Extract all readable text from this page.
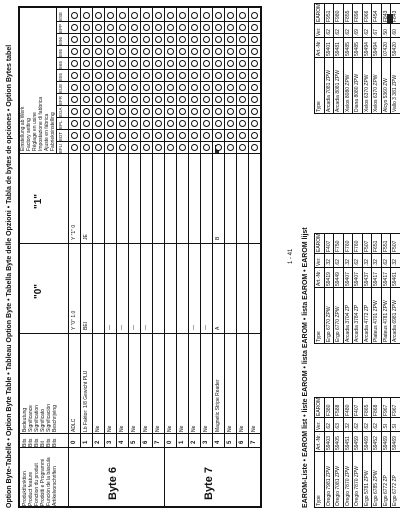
Option Byte-Tabelle • Option Byte Table • Tableau Option Byte • Tabella Byte delle Opzioni • Tabla de bytes de opciones • Option Bytes tabel Produktfunktion Product feature Fonction du produit Prodotti e Programmi Función de la báscula Artikelvorschriften
Bits Bits Bits Bit Bits Bits
Bedeutung Significance Signification Significato Significación Beschrijving
"0"
"1"
Einstellung ab Werk Factory setting Réglage en usine Impostazione di fabbrica Ajuste en fábrica Fabrieksinstelling EFU
EDT
EPL
EGA
EFR
EUE
E55
E65
E95
E96
EPP
ESE
Byte 6
0
ADLC
Y "0" 1.0
Y "1" 0
1
Lb Faktor: 1/8 Gewicht PLU
BEI
JE
2
Ne
3
Ne
—
4
Ne
—
5
Ne
—
6
Ne
—
7
Ne
Byte 7
0
Ne
1
Ne
2
Ne
—
3
Ne
—
4
Magnetic Stripe Reader
A
B
5
Ne
6
Ne
7
Ne	EAROM-Liste • EAROM list • liste EAROM • lista EAROM • lista EAROM • EAROM lijst Type
Art.-Nr.
Ver.
EAROM
Oregio 7981 ZPW
59403
.62
F380
Oregio 7081 ZPW
59405
.63
F588
Oregio 7870 ZPW
59451
.32
F480
Oregio 7870 ZPW
59459
.62
F407
Ergo 5781 ZPW
59469
.62
F865
Ergo 6785 ZPW
59452
.62
F868
Ergo 6772 ZP
59469
.SI
F967
Ergo 6772 ZP
59469
.SI
F967
Type
Art.-Nr.
Ver.
EAROM
Ergo 6770 ZPW
59419
.32
F407
Ergo 6770 ZPW
59449
.62
F750
Arcadia 3704 ZP
59407
.32
F760
Arcadia 3784 ZP
59407
.62
F760
Arcadia 4772 ZP
59437
.32
F507
Plateus 4701 ZPW
59417
.32
F651
Plateus 4781 ZPW
59417
.62
F551
Arcadia 6981 ZPW
59461
.32
F507
Type
Art.-Nr.
Ver.
EAROM
Arcadia 7081 ZPW
59401
.62
F951
Arcadia 8081 ZPW
59481
.62
F980
Xelos 8080 ZPW
59485
.62
F855
Diana 8080 ZPW
59485
.69
F896
Xelos 6370 ZPW
59494
.62
F966
Xelos 6370 ZPW
59494
.67
F454
Alcyo 5360 ZW
07420
.50
F843
Vallo 3 381 ZPW
59420
.60
F843
1 - 41
